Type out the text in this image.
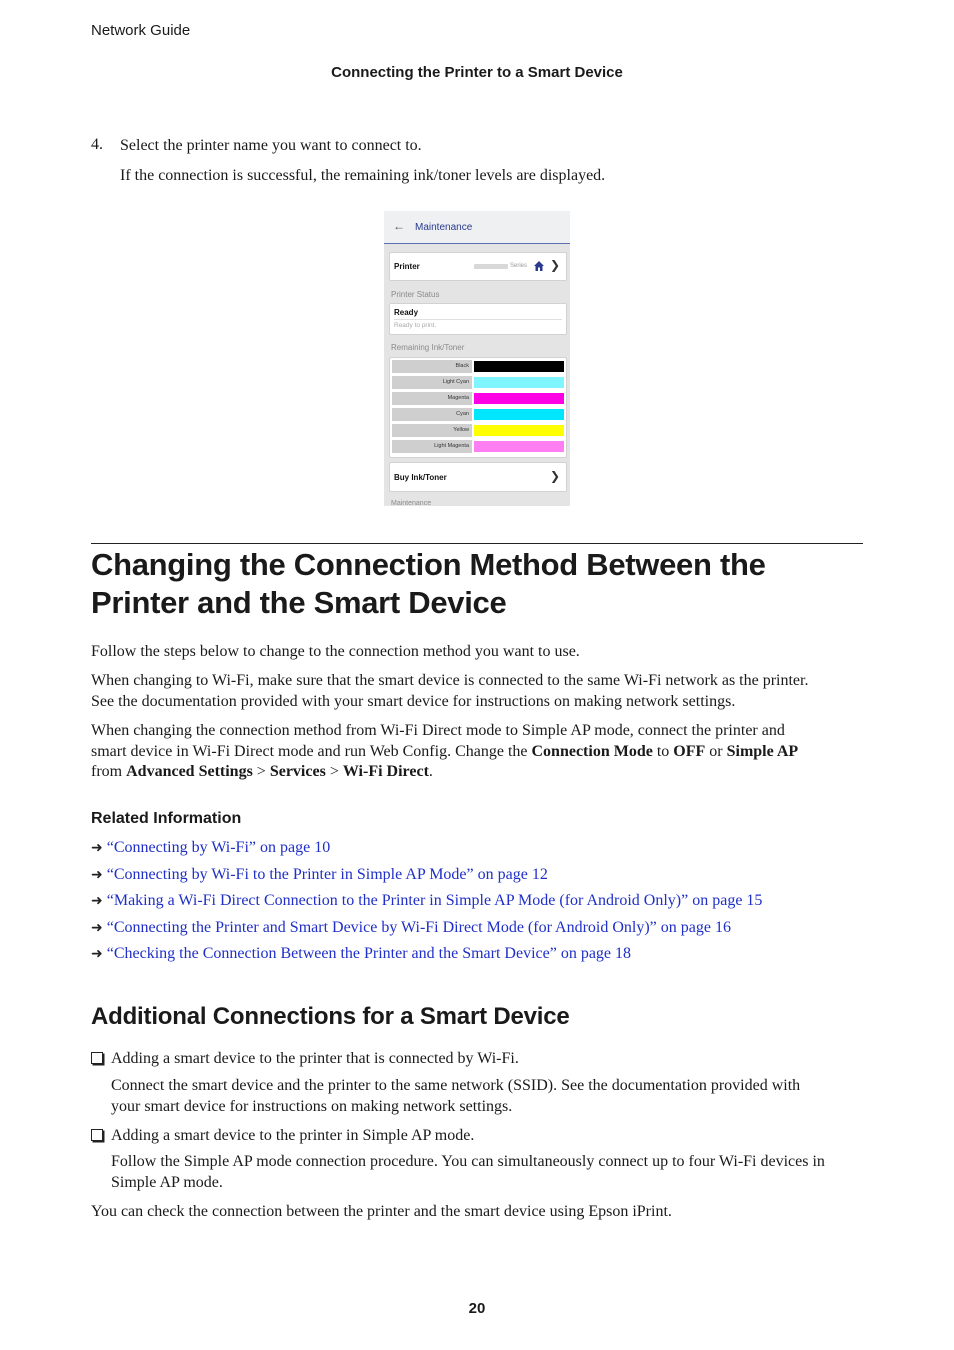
Network Guide
Connecting the Printer to a Smart Device
4. Select the printer name you want to connect to.

If the connection is successful, the remaining ink/toner levels are displayed.

← Maintenance
Printer	Series ❯
Printer Status
Ready
Ready to print.
Remaining Ink/Toner
Black
Light Cyan
Magenta
Cyan
Yellow
Light Magenta
Buy Ink/Toner	❯
Maintenance
Changing the Connection Method Between the
Printer and the Smart Device

Follow the steps below to change to the connection method you want to use.

When changing to Wi-Fi, make sure that the smart device is connected to the same Wi-Fi network as the printer.

See the documentation provided with your smart device for instructions on making network settings.

When changing the connection method from Wi-Fi Direct mode to Simple AP mode, connect the printer and

smart device in Wi-Fi Direct mode and run Web Config. Change the Connection Mode to OFF or Simple AP

from Advanced Settings > Services > Wi-Fi Direct.

Related Information
➜ “Connecting by Wi-Fi” on page 10
➜ “Connecting by Wi-Fi to the Printer in Simple AP Mode” on page 12
➜ “Making a Wi-Fi Direct Connection to the Printer in Simple AP Mode (for Android Only)” on page 15
➜ “Connecting the Printer and Smart Device by Wi-Fi Direct Mode (for Android Only)” on page 16
➜ “Checking the Connection Between the Printer and the Smart Device” on page 18
Additional Connections for a Smart Device

Adding a smart device to the printer that is connected by Wi-Fi.

Connect the smart device and the printer to the same network (SSID). See the documentation provided with

your smart device for instructions on making network settings.

Adding a smart device to the printer in Simple AP mode.

Follow the Simple AP mode connection procedure. You can simultaneously connect up to four Wi-Fi devices in

Simple AP mode.

You can check the connection between the printer and the smart device using Epson iPrint.

20
